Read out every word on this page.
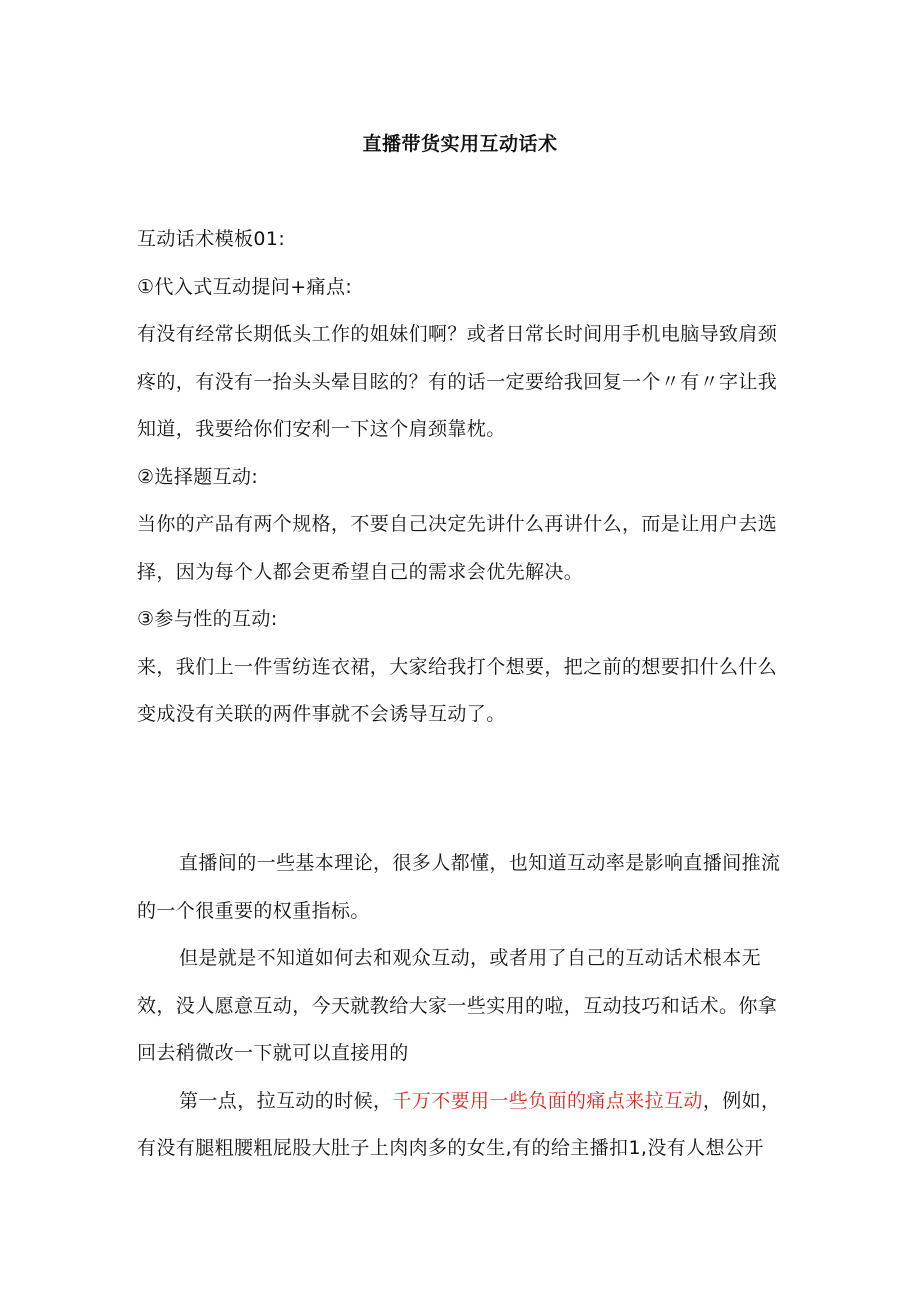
直播带货实用互动话术

互动话术模板01:

①代入式互动提问+痛点:

有没有经常长期低头工作的姐妹们啊？或者日常长时间用手机电脑导致肩颈疼的，有没有一抬头头晕目眩的？有的话一定要给我回复一个〃有〃字让我知道，我要给你们安利一下这个肩颈靠枕。

②选择题互动:

当你的产品有两个规格，不要自己决定先讲什么再讲什么，而是让用户去选择，因为每个人都会更希望自己的需求会优先解决。

③参与性的互动:

来，我们上一件雪纺连衣裙，大家给我打个想要，把之前的想要扣什么什么变成没有关联的两件事就不会诱导互动了。

直播间的一些基本理论，很多人都懂，也知道互动率是影响直播间推流的一个很重要的权重指标。

但是就是不知道如何去和观众互动，或者用了自己的互动话术根本无效，没人愿意互动，今天就教给大家一些实用的啦，互动技巧和话术。你拿回去稍微改一下就可以直接用的

第一点，拉互动的时候，千万不要用一些负面的痛点来拉互动，例如，有没有腿粗腰粗屁股大肚子上肉肉多的女生,有的给主播扣1,没有人想公开
